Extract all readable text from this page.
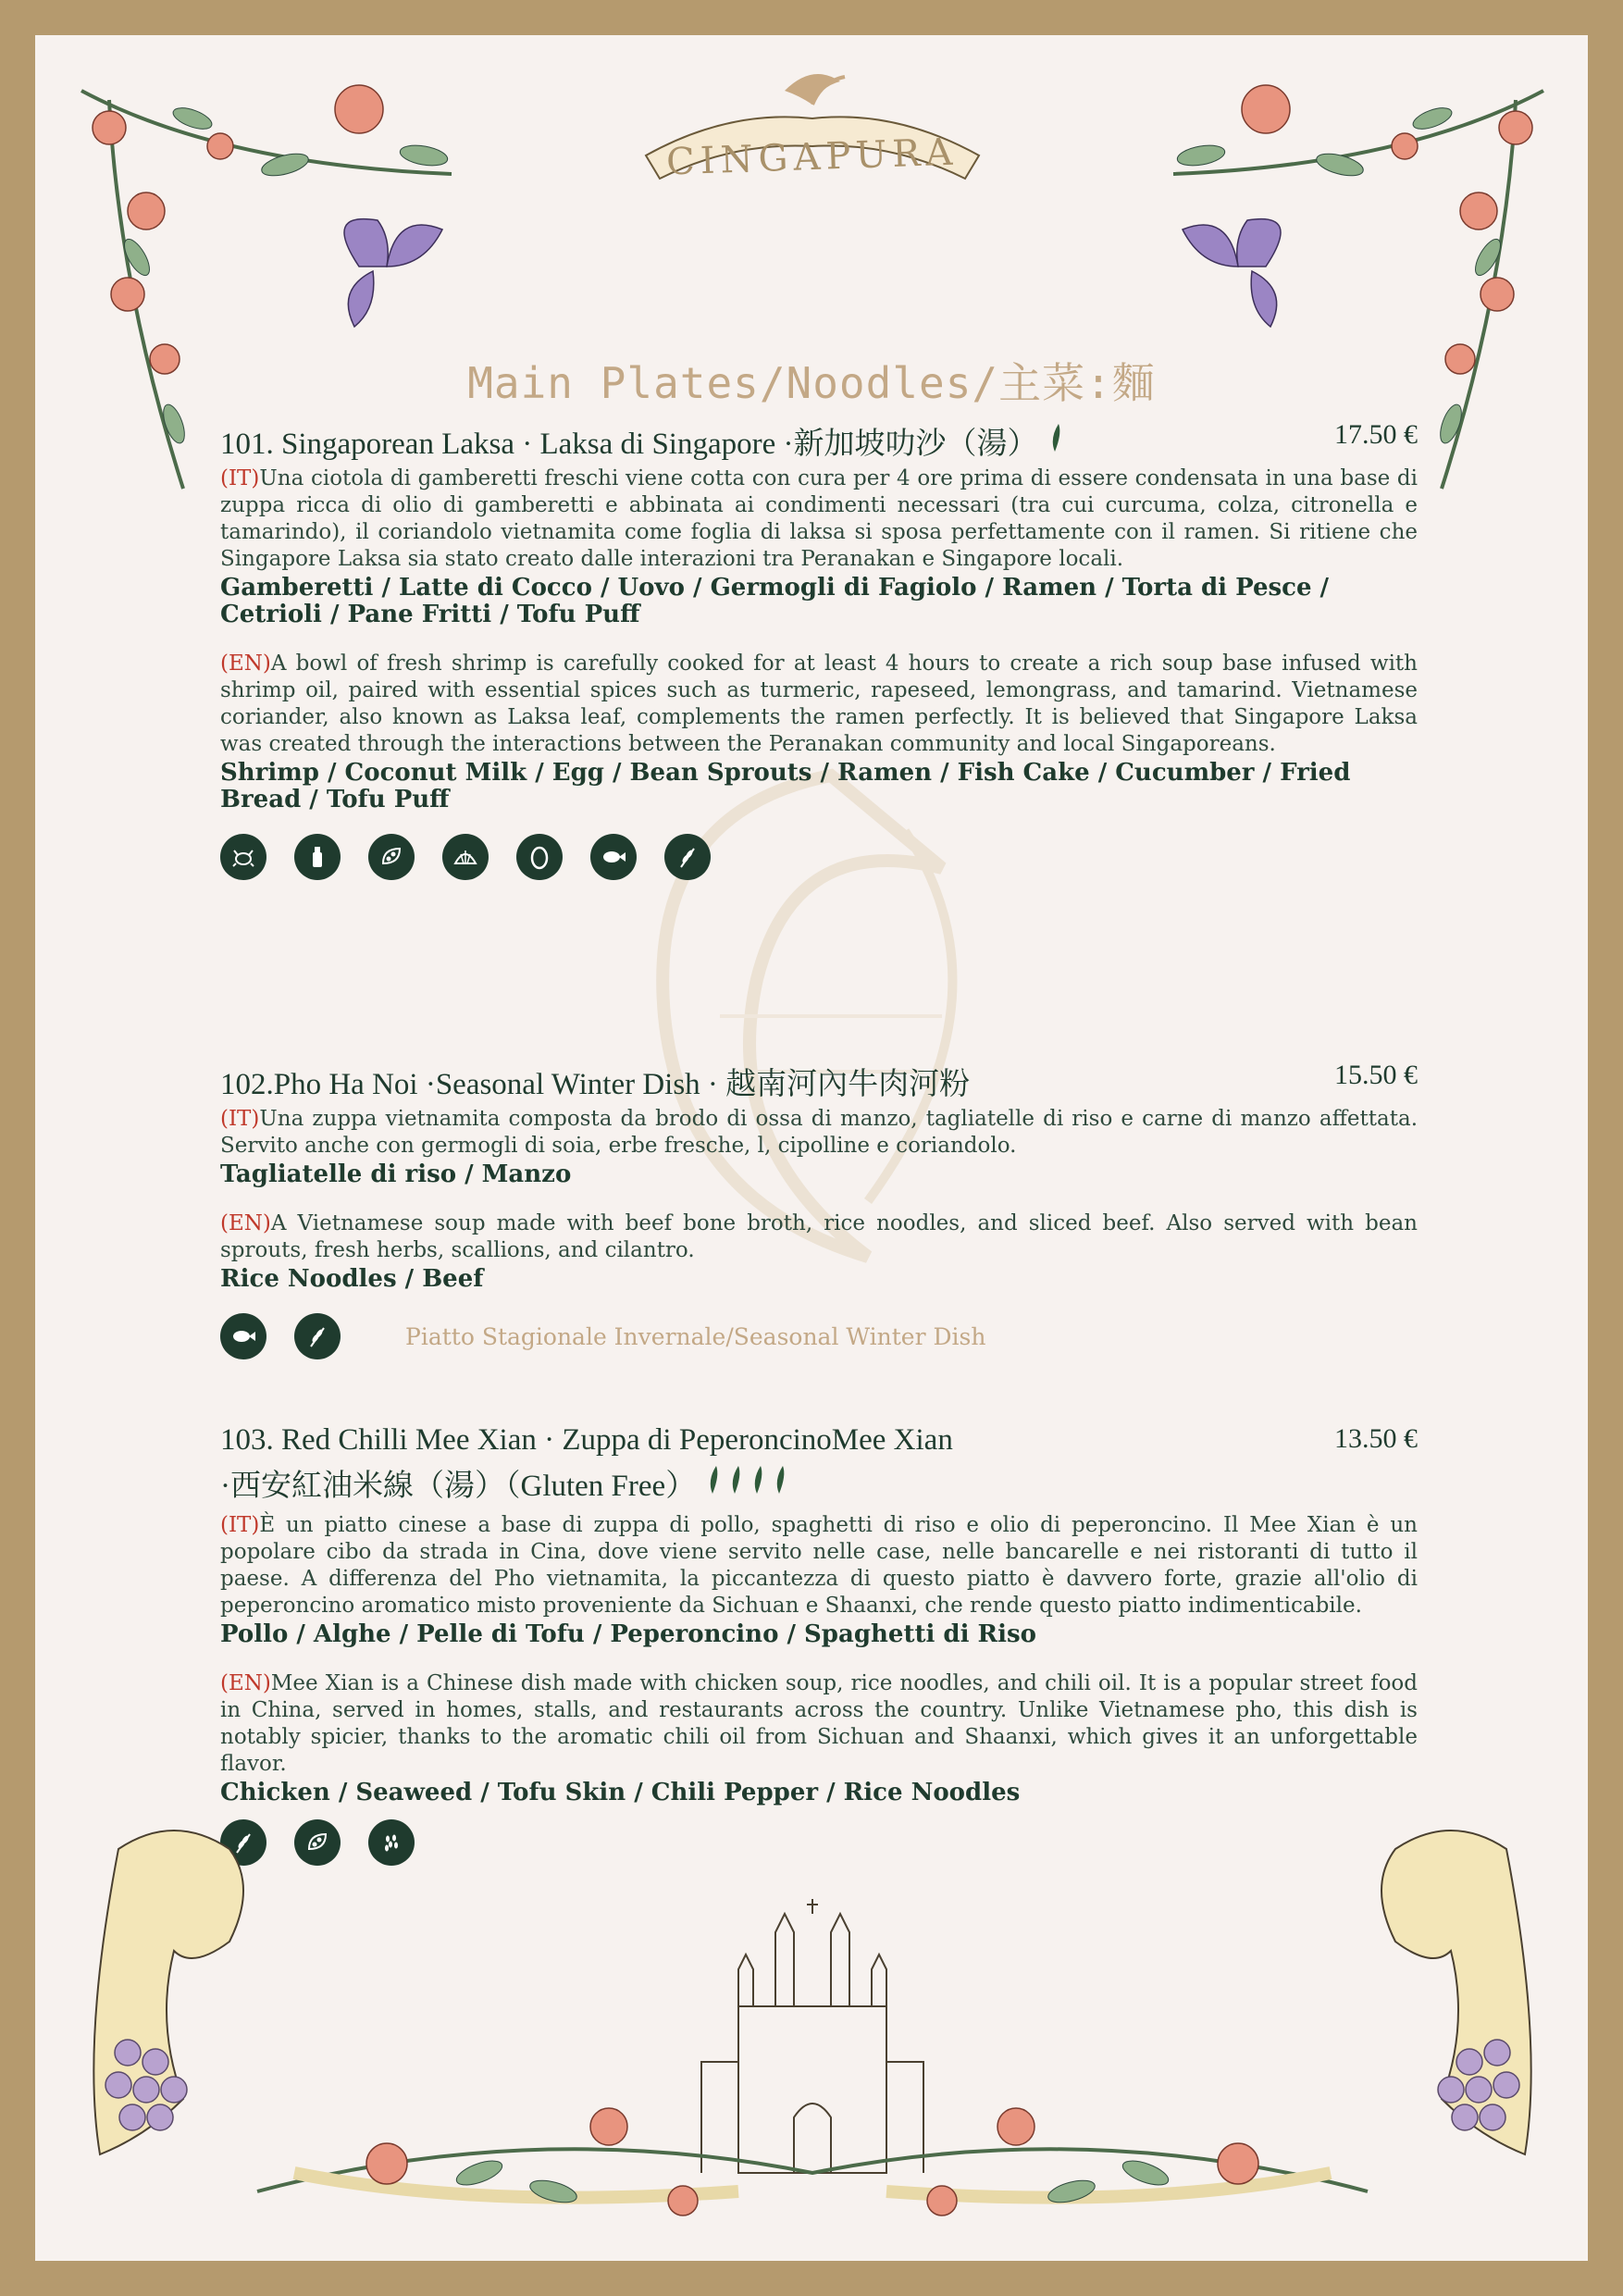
CINGAPURA
Main Plates/Noodles/主菜:麵
101. Singaporean Laksa · Laksa di Singapore ·新加坡叻沙（湯）	17.50 €

(IT)Una ciotola di gamberetti freschi viene cotta con cura per 4 ore prima di essere condensata in una base di zuppa ricca di olio di gamberetti e abbinata ai condimenti necessari (tra cui curcuma, colza, citronella e tamarindo), il coriandolo vietnamita come foglia di laksa si sposa perfettamente con il ramen. Si ritiene che Singapore Laksa sia stato creato dalle interazioni tra Peranakan e Singapore locali.

Gamberetti / Latte di Cocco / Uovo / Germogli di Fagiolo / Ramen / Torta di Pesce / Cetrioli / Pane Fritti / Tofu Puff

(EN)A bowl of fresh shrimp is carefully cooked for at least 4 hours to create a rich soup base infused with shrimp oil, paired with essential spices such as turmeric, rapeseed, lemongrass, and tamarind. Vietnamese coriander, also known as Laksa leaf, complements the ramen perfectly. It is believed that Singapore Laksa was created through the interactions between the Peranakan community and local Singaporeans.

Shrimp / Coconut Milk / Egg / Bean Sprouts / Ramen / Fish Cake / Cucumber / Fried Bread / Tofu Puff

102.Pho Ha Noi ·Seasonal Winter Dish · 越南河內牛肉河粉	15.50 €

(IT)Una zuppa vietnamita composta da brodo di ossa di manzo, tagliatelle di riso e carne di manzo affettata. Servito anche con germogli di soia, erbe fresche, l, cipolline e coriandolo.

Tagliatelle di riso / Manzo

(EN)A Vietnamese soup made with beef bone broth, rice noodles, and sliced beef. Also served with bean sprouts, fresh herbs, scallions, and cilantro.

Rice Noodles / Beef

Piatto Stagionale Invernale/Seasonal Winter Dish
103. Red Chilli Mee Xian · Zuppa di PeperoncinoMee Xian
·西安紅油米線（湯）（Gluten Free）
13.50 €

(IT)È un piatto cinese a base di zuppa di pollo, spaghetti di riso e olio di peperoncino. Il Mee Xian è un popolare cibo da strada in Cina, dove viene servito nelle case, nelle bancarelle e nei ristoranti di tutto il paese. A differenza del Pho vietnamita, la piccantezza di questo piatto è davvero forte, grazie all'olio di peperoncino aromatico misto proveniente da Sichuan e Shaanxi, che rende questo piatto indimenticabile.

Pollo / Alghe / Pelle di Tofu / Peperoncino / Spaghetti di Riso

(EN)Mee Xian is a Chinese dish made with chicken soup, rice noodles, and chili oil. It is a popular street food in China, served in homes, stalls, and restaurants across the country. Unlike Vietnamese pho, this dish is notably spicier, thanks to the aromatic chili oil from Sichuan and Shaanxi, which gives it an unforgettable flavor.

Chicken / Seaweed / Tofu Skin / Chili Pepper / Rice Noodles
